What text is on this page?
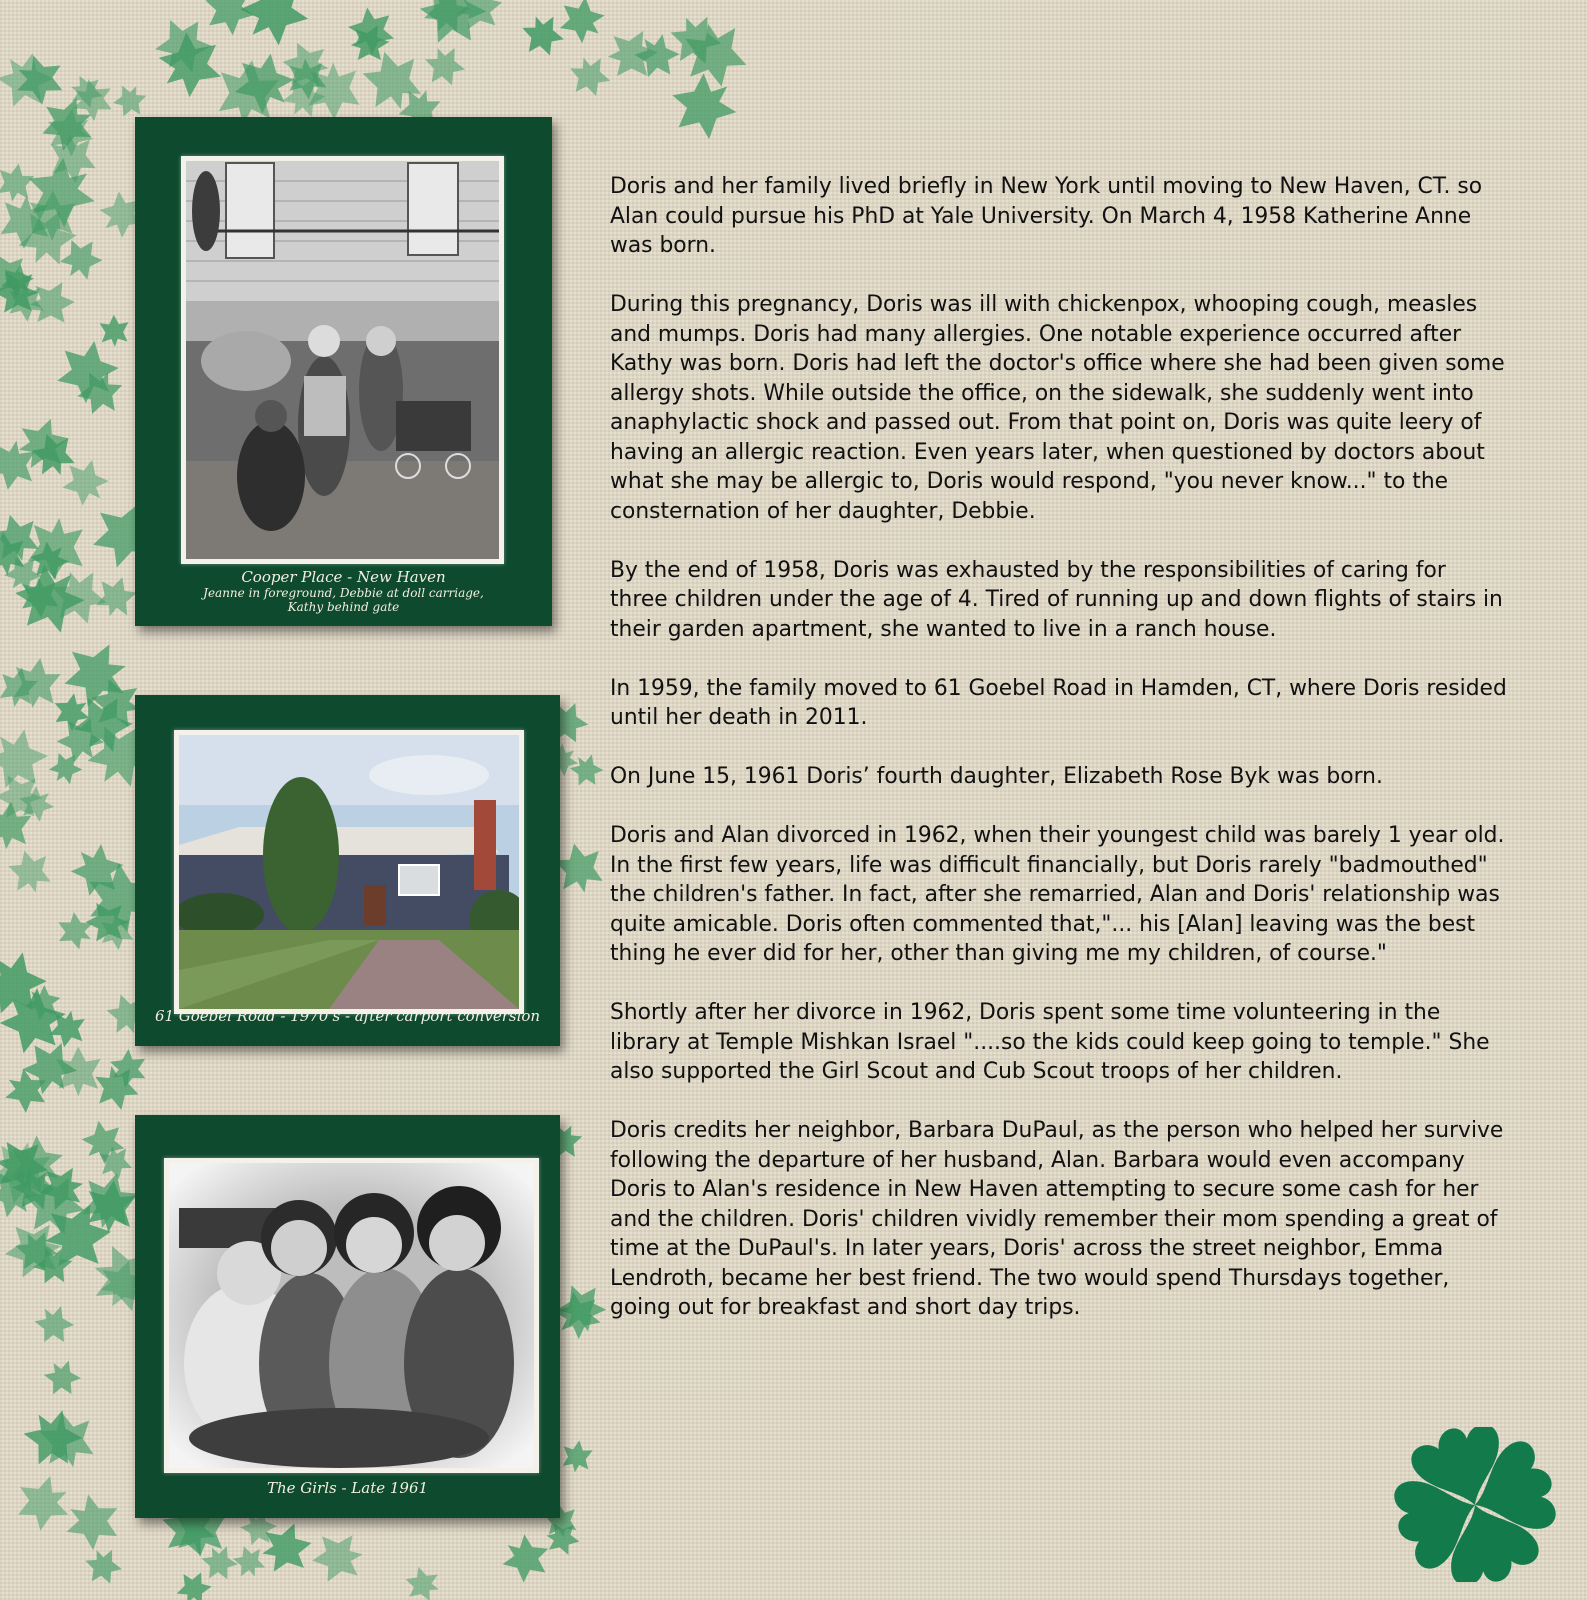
Cooper Place - New Haven
Jeanne in foreground, Debbie at doll carriage, Kathy behind gate
61 Goebel Road - 1970's - after carport conversion
The Girls - Late 1961

Doris and her family lived briefly in New York until moving to New Haven, CT. so Alan could pursue his PhD at Yale University. On March 4, 1958 Katherine Anne was born.

During this pregnancy, Doris was ill with chickenpox, whooping cough, measles and mumps. Doris had many allergies. One notable experience occurred after Kathy was born. Doris had left the doctor's office where she had been given some allergy shots. While outside the office, on the sidewalk, she suddenly went into anaphylactic shock and passed out. From that point on, Doris was quite leery of having an allergic reaction. Even years later, when questioned by doctors about what she may be allergic to, Doris would respond, "you never know..." to the consternation of her daughter, Debbie.

By the end of 1958, Doris was exhausted by the responsibilities of caring for three children under the age of 4. Tired of running up and down flights of stairs in their garden apartment, she wanted to live in a ranch house.

In 1959, the family moved to 61 Goebel Road in Hamden, CT, where Doris resided until her death in 2011.

On June 15, 1961 Doris’ fourth daughter, Elizabeth Rose Byk was born.

Doris and Alan divorced in 1962, when their youngest child was barely 1 year old. In the first few years, life was difficult financially, but Doris rarely "badmouthed" the children's father. In fact, after she remarried, Alan and Doris' relationship was quite amicable. Doris often commented that,"... his [Alan] leaving was the best thing he ever did for her, other than giving me my children, of course."

Shortly after her divorce in 1962, Doris spent some time volunteering in the library at Temple Mishkan Israel "....so the kids could keep going to temple." She also supported the Girl Scout and Cub Scout troops of her children.

Doris credits her neighbor, Barbara DuPaul, as the person who helped her survive following the departure of her husband, Alan. Barbara would even accompany Doris to Alan's residence in New Haven attempting to secure some cash for her and the children. Doris' children vividly remember their mom spending a great of time at the DuPaul's. In later years, Doris' across the street neighbor, Emma Lendroth, became her best friend. The two would spend Thursdays together, going out for breakfast and short day trips.
